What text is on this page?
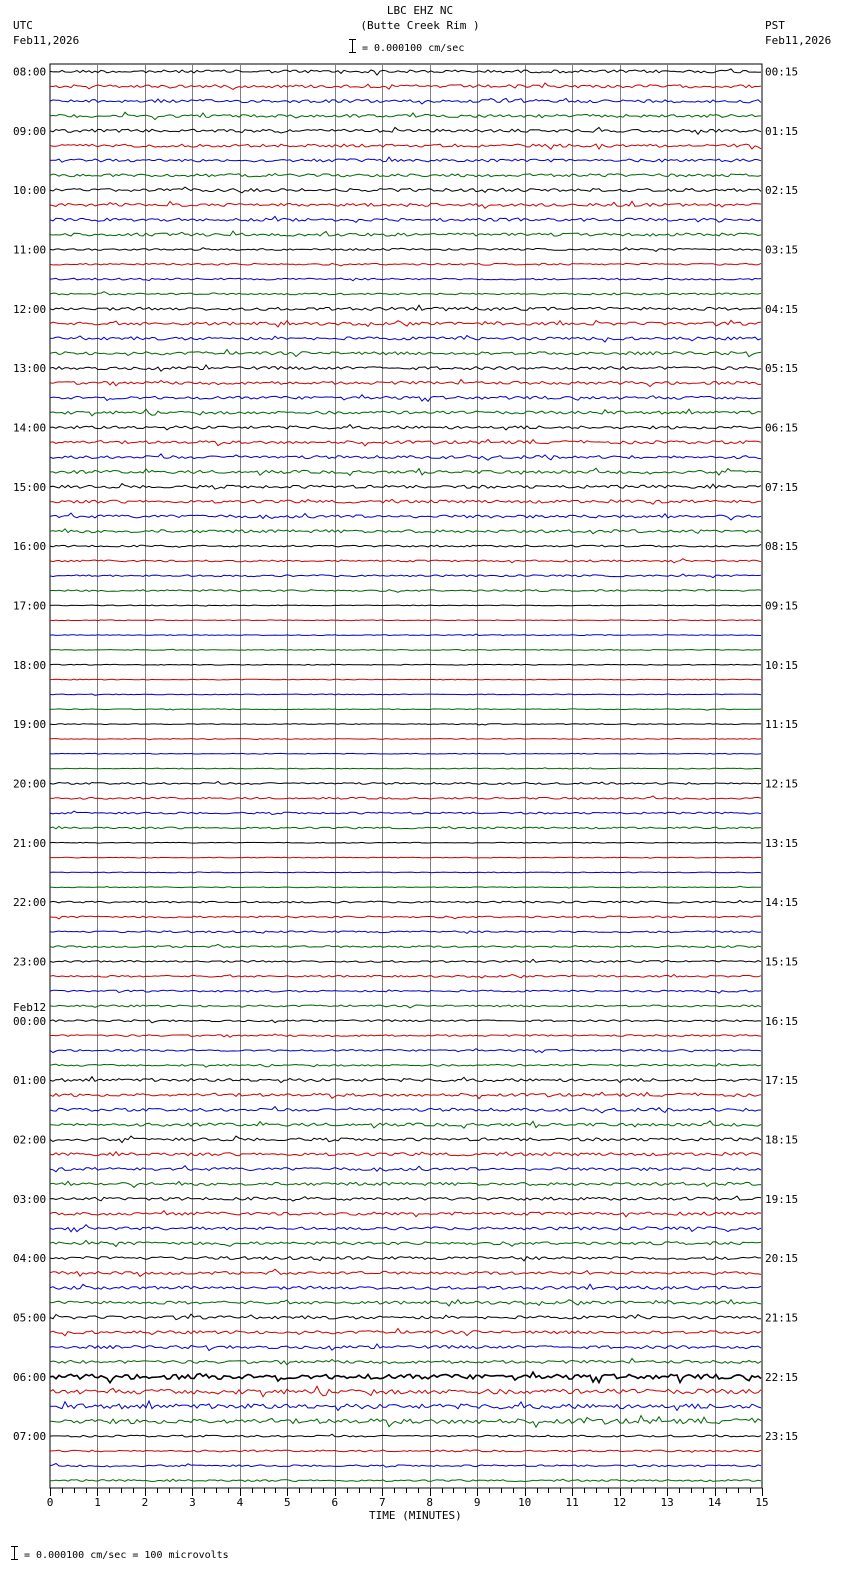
UTC
Feb11,2026
PST
Feb11,2026
LBC EHZ NC
(Butte Creek Rim )
= 0.000100 cm/sec
08:00
09:00
10:00
11:00
12:00
13:00
14:00
15:00
16:00
17:00
18:00
19:00
20:00
21:00
22:00
23:00
00:00
01:00
02:00
03:00
04:00
05:00
06:00
07:00
Feb12
00:15
01:15
02:15
03:15
04:15
05:15
06:15
07:15
08:15
09:15
10:15
11:15
12:15
13:15
14:15
15:15
16:15
17:15
18:15
19:15
20:15
21:15
22:15
23:15
0	1	2	3	4	5	6	7	8	9	10	11	12	13	14	15
TIME (MINUTES)
= 0.000100 cm/sec = 100 microvolts
